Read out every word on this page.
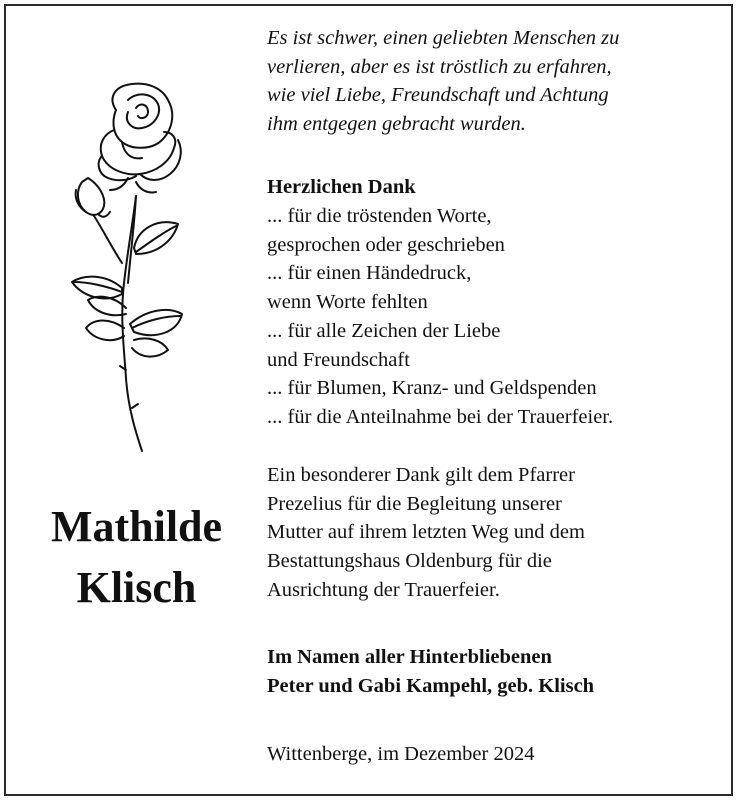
Mathilde
Klisch
Es ist schwer, einen geliebten Menschen zu
verlieren, aber es ist tröstlich zu erfahren,
wie viel Liebe, Freundschaft und Achtung
ihm entgegen gebracht wurden.
Herzlichen Dank
... für die tröstenden Worte,
gesprochen oder geschrieben
... für einen Händedruck,
wenn Worte fehlten
... für alle Zeichen der Liebe
und Freundschaft
... für Blumen, Kranz- und Geldspenden
... für die Anteilnahme bei der Trauerfeier.
Ein besonderer Dank gilt dem Pfarrer
Prezelius für die Begleitung unserer
Mutter auf ihrem letzten Weg und dem
Bestattungshaus Oldenburg für die
Ausrichtung der Trauerfeier.
Im Namen aller Hinterbliebenen
Peter und Gabi Kampehl, geb. Klisch
Wittenberge, im Dezember 2024
